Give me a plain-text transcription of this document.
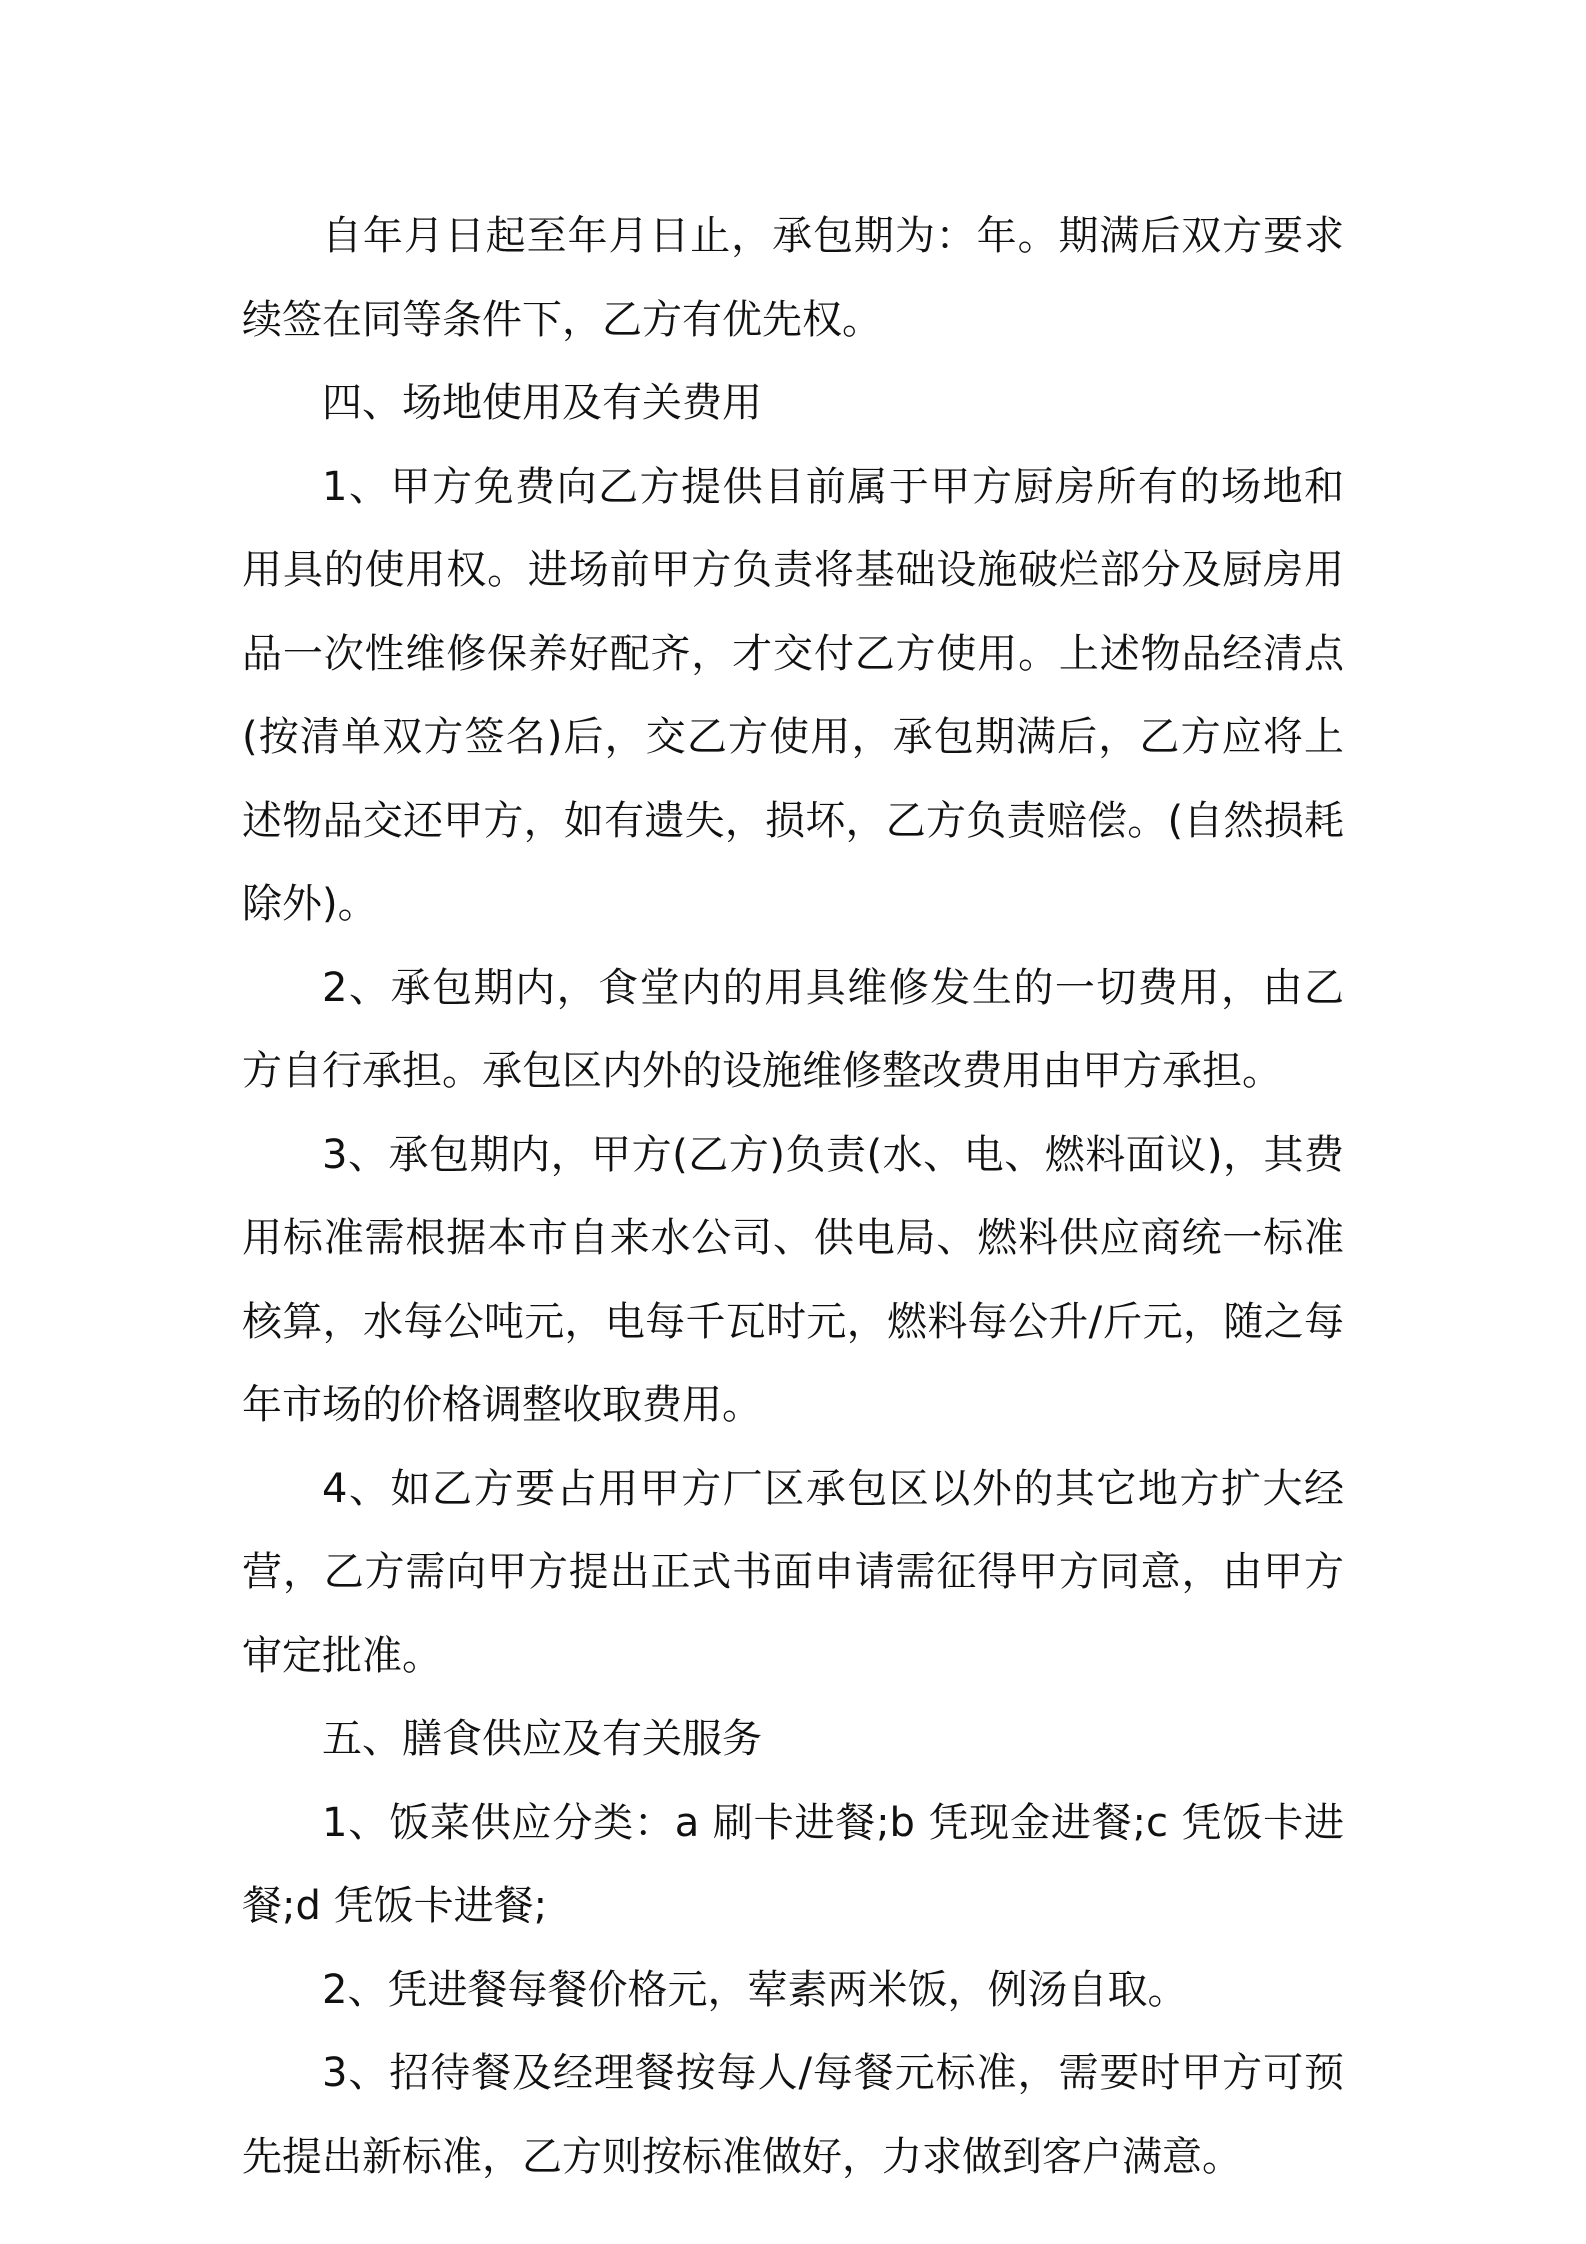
自年月日起至年月日止，承包期为：年。期满后双方要求续签在同等条件下，乙方有优先权。

四、场地使用及有关费用

1、甲方免费向乙方提供目前属于甲方厨房所有的场地和用具的使用权。进场前甲方负责将基础设施破烂部分及厨房用品一次性维修保养好配齐，才交付乙方使用。上述物品经清点(按清单双方签名)后，交乙方使用，承包期满后，乙方应将上述物品交还甲方，如有遗失，损坏，乙方负责赔偿。(自然损耗除外)。

2、承包期内，食堂内的用具维修发生的一切费用，由乙方自行承担。承包区内外的设施维修整改费用由甲方承担。

3、承包期内，甲方(乙方)负责(水、电、燃料面议)，其费用标准需根据本市自来水公司、供电局、燃料供应商统一标准核算，水每公吨元，电每千瓦时元，燃料每公升/斤元，随之每年市场的价格调整收取费用。

4、如乙方要占用甲方厂区承包区以外的其它地方扩大经营，乙方需向甲方提出正式书面申请需征得甲方同意，由甲方审定批准。

五、膳食供应及有关服务

1、饭菜供应分类：a 刷卡进餐;b 凭现金进餐;c 凭饭卡进餐;d 凭饭卡进餐;

2、凭进餐每餐价格元，荤素两米饭，例汤自取。

3、招待餐及经理餐按每人/每餐元标准，需要时甲方可预先提出新标准，乙方则按标准做好，力求做到客户满意。
